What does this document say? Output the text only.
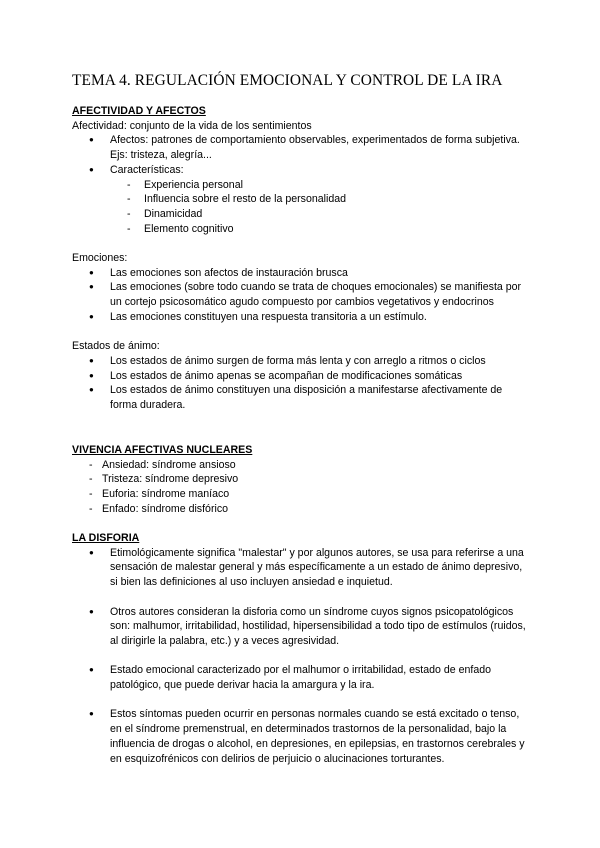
TEMA 4. REGULACIÓN EMOCIONAL Y CONTROL DE LA IRA

AFECTIVIDAD Y AFECTOS

Afectividad: conjunto de la vida de los sentimientos

● Afectos: patrones de comportamiento observables, experimentados de forma subjetiva. Ejs: tristeza, alegría...
● Características:
- Experiencia personal
- Influencia sobre el resto de la personalidad
- Dinamicidad
- Elemento cognitivo

Emociones:

● Las emociones son afectos de instauración brusca
● Las emociones (sobre todo cuando se trata de choques emocionales) se manifiesta por un cortejo psicosomático agudo compuesto por cambios vegetativos y endocrinos
● Las emociones constituyen una respuesta transitoria a un estímulo.

Estados de ánimo:

● Los estados de ánimo surgen de forma más lenta y con arreglo a ritmos o ciclos
● Los estados de ánimo apenas se acompañan de modificaciones somáticas
● Los estados de ánimo constituyen una disposición a manifestarse afectivamente de forma duradera.

VIVENCIA AFECTIVAS NUCLEARES

- Ansiedad: síndrome ansioso
- Tristeza: síndrome depresivo
- Euforia: síndrome maníaco
- Enfado: síndrome disfórico

LA DISFORIA

● Etimológicamente significa "malestar" y por algunos autores, se usa para referirse a una sensación de malestar general y más específicamente a un estado de ánimo depresivo, si bien las definiciones al uso incluyen ansiedad e inquietud.
● Otros autores consideran la disforia como un síndrome cuyos signos psicopatológicos son: malhumor, irritabilidad, hostilidad, hipersensibilidad a todo tipo de estímulos (ruidos, al dirigirle la palabra, etc.) y a veces agresividad.
● Estado emocional caracterizado por el malhumor o irritabilidad, estado de enfado patológico, que puede derivar hacia la amargura y la ira.
● Estos síntomas pueden ocurrir en personas normales cuando se está excitado o tenso, en el síndrome premenstrual, en determinados trastornos de la personalidad, bajo la influencia de drogas o alcohol, en depresiones, en epilepsias, en trastornos cerebrales y en esquizofrénicos con delirios de perjuicio o alucinaciones torturantes.
